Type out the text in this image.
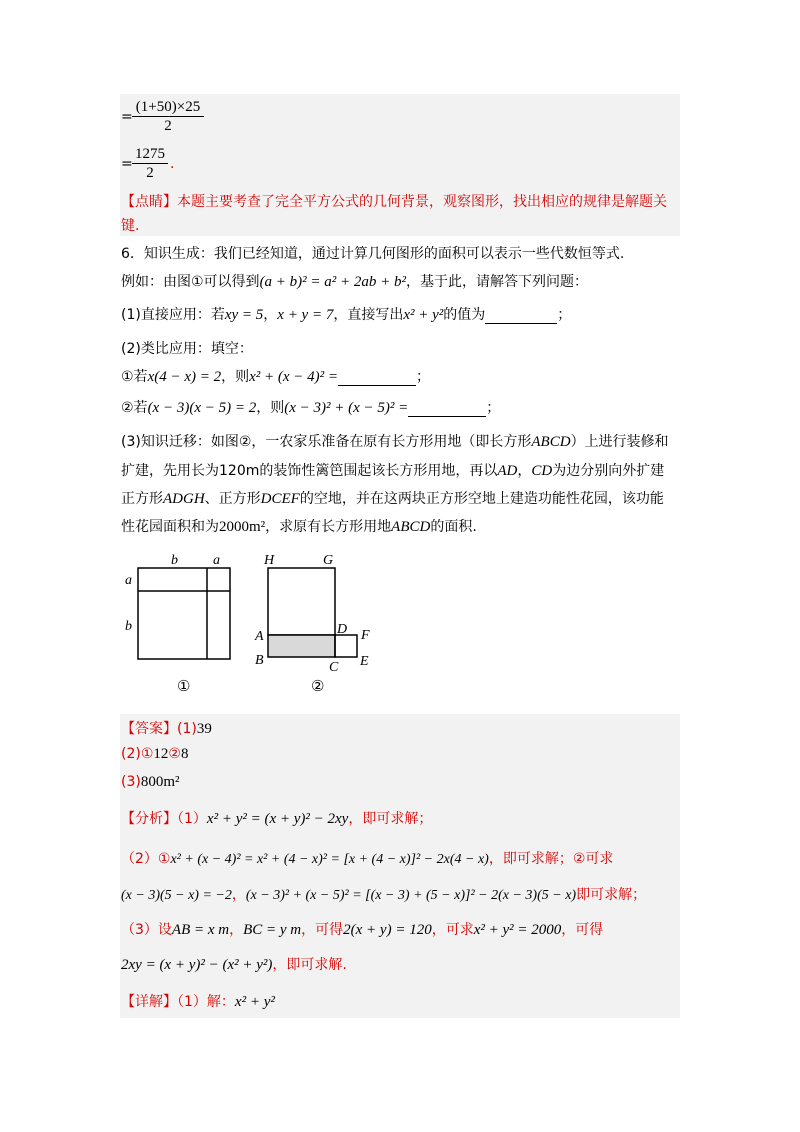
= $\frac{(1+50)\times 25}{2}$
= $\frac{1275}{2}$ .
【点睛】本题主要考查了完全平方公式的几何背景，观察图形，找出相应的规律是解题关
键.
6．知识生成：我们已经知道，通过计算几何图形的面积可以表示一些代数恒等式.
例如：由图①可以得到(a + b)² = a² + 2ab + b²，基于此，请解答下列问题：
(1)直接应用：若xy = 5，x + y = 7，直接写出x² + y²的值为	；
(2)类比应用：填空：
①若x(4 − x) = 2，则x² + (x − 4)² =	；
②若(x − 3)(x − 5) = 2，则(x − 3)² + (x − 5)² =	；
(3)知识迁移：如图②，一农家乐准备在原有长方形用地（即长方形ABCD）上进行装修和
扩建，先用长为120m的装饰性篱笆围起该长方形用地，再以AD，CD为边分别向外扩建
正方形ADGH、正方形DCEF的空地，并在这两块正方形空地上建造功能性花园，该功能
性花园面积和为2000m²，求原有长方形用地ABCD的面积.
b	a
a
b
①
H	G
A	D F
B	C E
②
【答案】(1)39
(2)①12②8
(3)800m²
【分析】（1）x² + y² = (x + y)² − 2xy，即可求解；
（2）①x² + (x − 4)² = x² + (4 − x)² = [x + (4 − x)]² − 2x(4 − x)，即可求解；②可求
(x − 3)(5 − x) = −2，(x − 3)² + (x − 5)² = [(x − 3) + (5 − x)]² − 2(x − 3)(5 − x)即可求解；
（3）设AB = x m，BC = y m，可得2(x + y) = 120，可求x² + y² = 2000，可得
2xy = (x + y)² − (x² + y²)，即可求解.
【详解】（1）解：x² + y²
